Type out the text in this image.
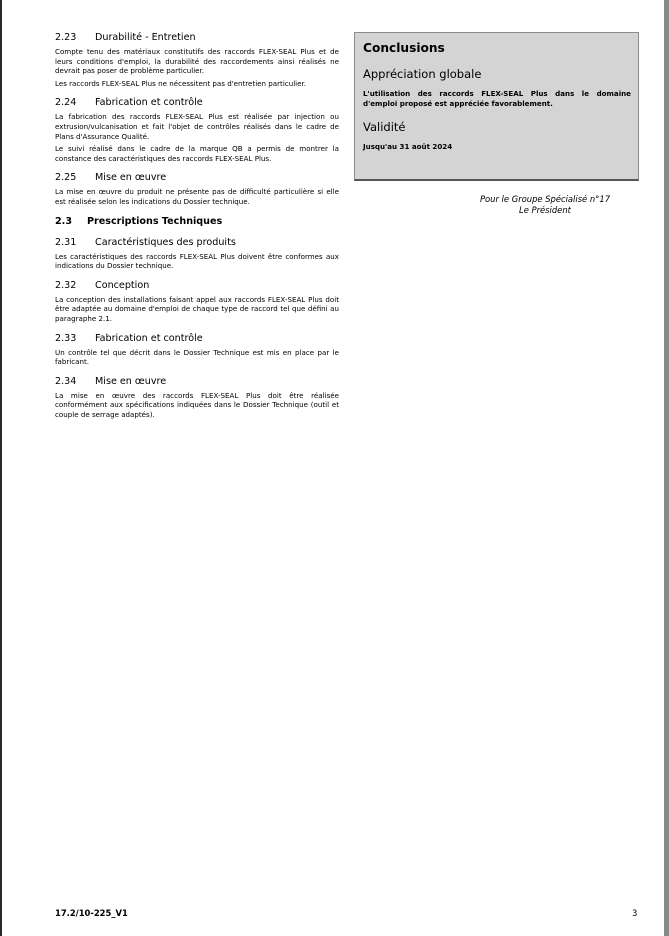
2.23 Durabilité - Entretien

Compte tenu des matériaux constitutifs des raccords FLEX-SEAL Plus et de leurs conditions d'emploi, la durabilité des raccordements ainsi réalisés ne devrait pas poser de problème particulier.

Les raccords FLEX-SEAL Plus ne nécessitent pas d'entretien particulier.

2.24 Fabrication et contrôle

La fabrication des raccords FLEX-SEAL Plus est réalisée par injection ou extrusion/vulcanisation et fait l'objet de contrôles réalisés dans le cadre de Plans d'Assurance Qualité.

Le suivi réalisé dans le cadre de la marque QB a permis de montrer la constance des caractéristiques des raccords FLEX-SEAL Plus.

2.25 Mise en œuvre

La mise en œuvre du produit ne présente pas de difficulté particulière si elle est réalisée selon les indications du Dossier technique.

2.3 Prescriptions Techniques
2.31 Caractéristiques des produits

Les caractéristiques des raccords FLEX-SEAL Plus doivent être conformes aux indications du Dossier technique.

2.32 Conception

La conception des installations faisant appel aux raccords FLEX-SEAL Plus doit être adaptée au domaine d'emploi de chaque type de raccord tel que défini au paragraphe 2.1.

2.33 Fabrication et contrôle

Un contrôle tel que décrit dans le Dossier Technique est mis en place par le fabricant.

2.34 Mise en œuvre

La mise en œuvre des raccords FLEX-SEAL Plus doit être réalisée conformément aux spécifications indiquées dans le Dossier Technique (outil et couple de serrage adaptés).

Conclusions
Appréciation globale
L'utilisation des raccords FLEX-SEAL Plus dans le domaine d'emploi proposé est appréciée favorablement.
Validité
Jusqu'au 31 août 2024
Pour le Groupe Spécialisé n°17
Le Président
17.2/10-225_V1	3
